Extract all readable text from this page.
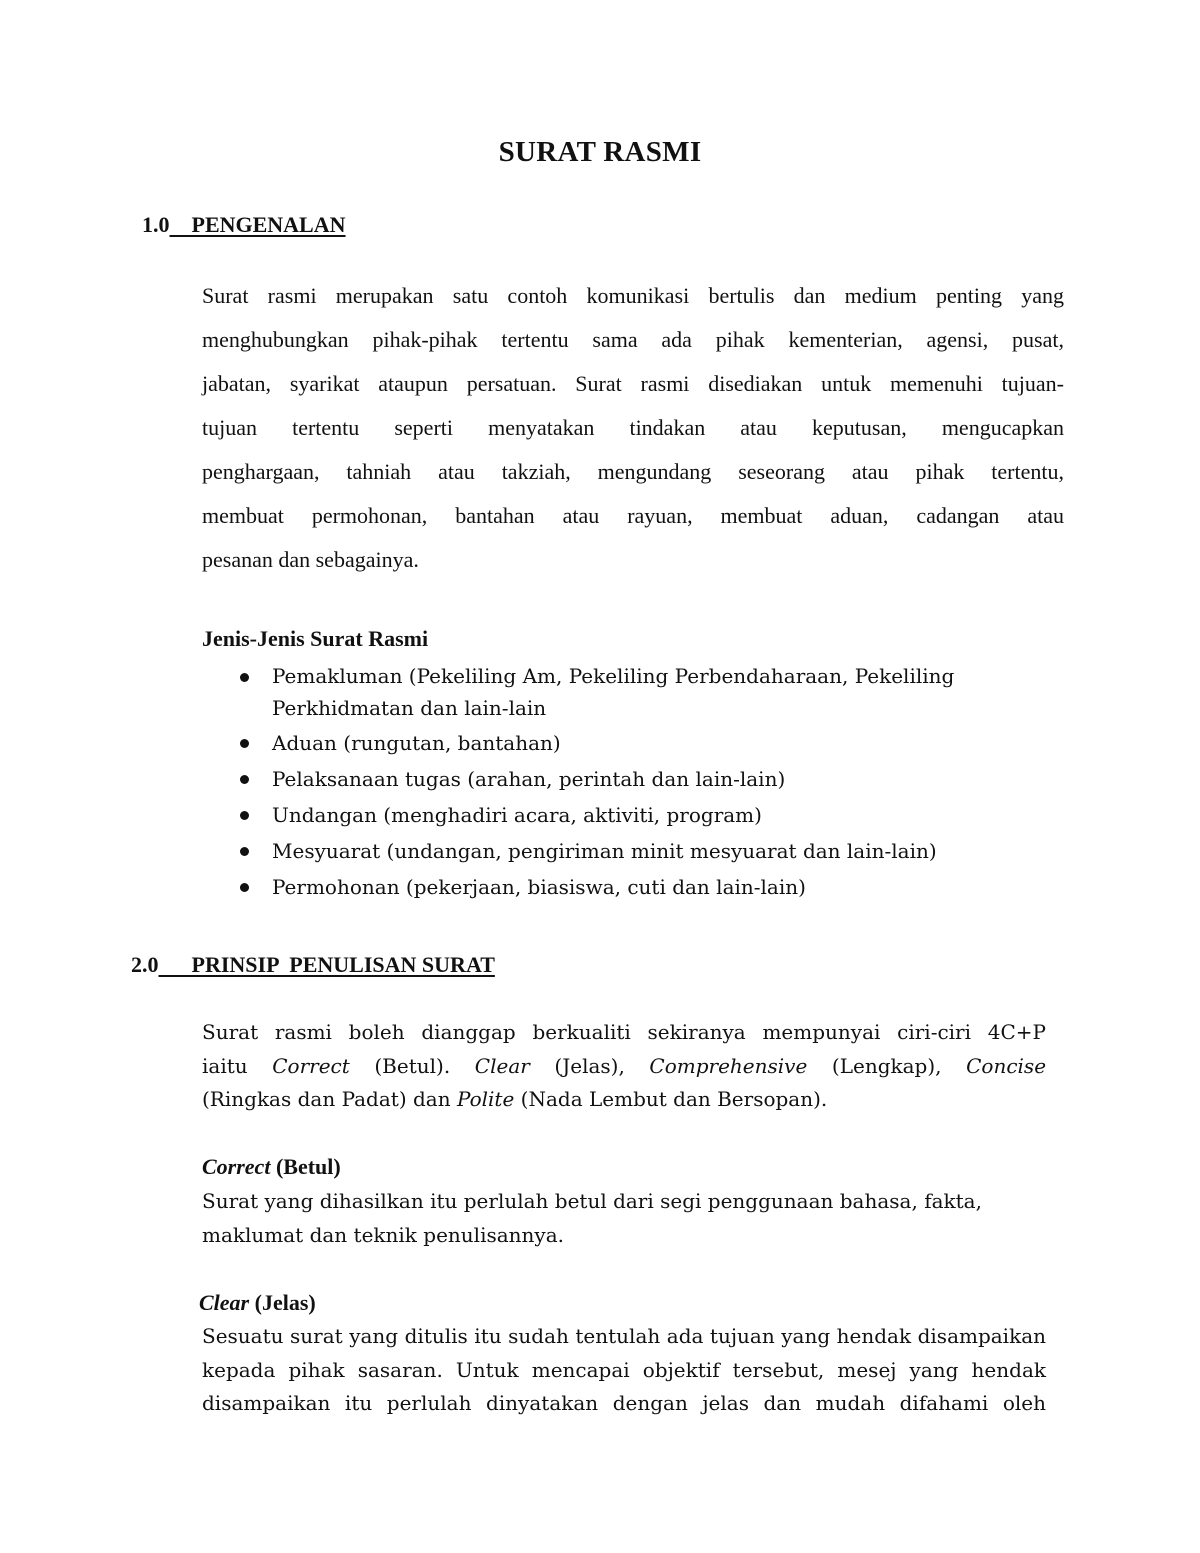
SURAT RASMI
1.0 PENGENALAN
Surat rasmi merupakan satu contoh komunikasi bertulis dan medium penting yang
menghubungkan pihak-pihak tertentu sama ada pihak kementerian, agensi, pusat,
jabatan, syarikat ataupun persatuan. Surat rasmi disediakan untuk memenuhi tujuan-
tujuan tertentu seperti menyatakan tindakan atau keputusan, mengucapkan
penghargaan, tahniah atau takziah, mengundang seseorang atau pihak tertentu,
membuat permohonan, bantahan atau rayuan, membuat aduan, cadangan atau
pesanan dan sebagainya.
Jenis-Jenis Surat Rasmi
Pemakluman (Pekeliling Am, Pekeliling Perbendaharaan, Pekeliling
Perkhidmatan dan lain-lain
Aduan (rungutan, bantahan)
Pelaksanaan tugas (arahan, perintah dan lain-lain)
Undangan (menghadiri acara, aktiviti, program)
Mesyuarat (undangan, pengiriman minit mesyuarat dan lain-lain)
Permohonan (pekerjaan, biasiswa, cuti dan lain-lain)
2.0 PRINSIP  PENULISAN SURAT
Surat rasmi boleh dianggap berkualiti sekiranya mempunyai ciri-ciri 4C+P
iaitu Correct (Betul). Clear (Jelas), Comprehensive (Lengkap), Concise
(Ringkas dan Padat) dan Polite (Nada Lembut dan Bersopan).
Correct (Betul)
Surat yang dihasilkan itu perlulah betul dari segi penggunaan bahasa, fakta,
maklumat dan teknik penulisannya.
Clear (Jelas)
Sesuatu surat yang ditulis itu sudah tentulah ada tujuan yang hendak disampaikan
kepada pihak sasaran. Untuk mencapai objektif tersebut, mesej yang hendak
disampaikan itu perlulah dinyatakan dengan jelas dan mudah difahami oleh
